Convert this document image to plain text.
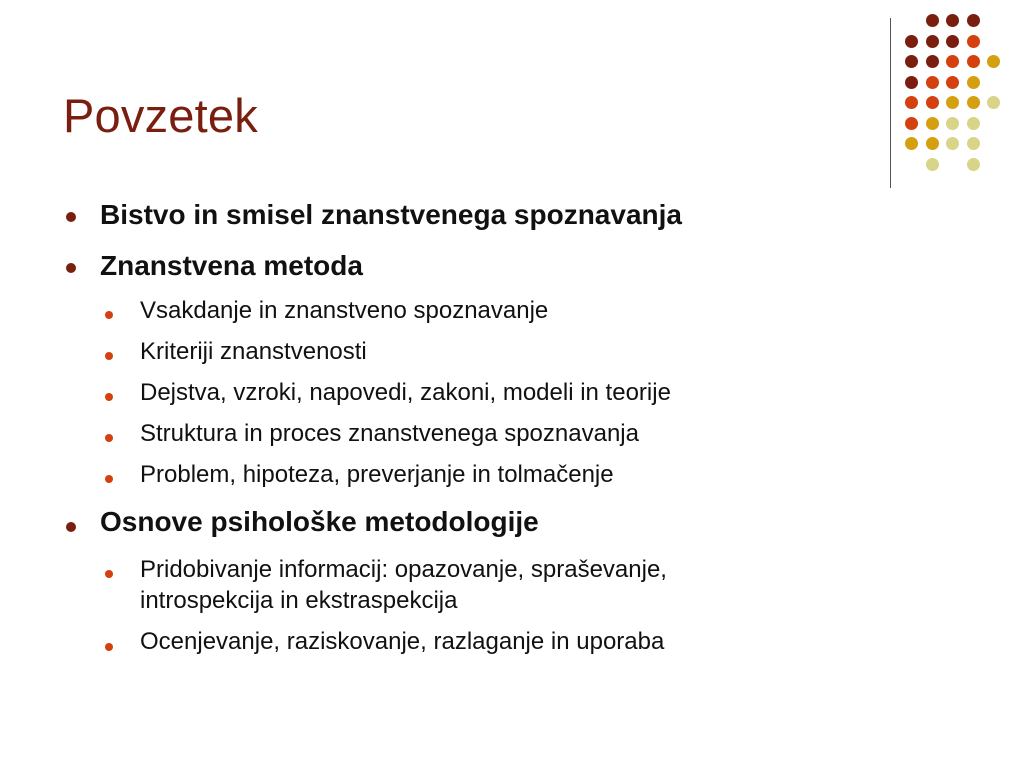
Povzetek
Bistvo in smisel znanstvenega spoznavanja
Znanstvena metoda
Vsakdanje in znanstveno spoznavanje
Kriteriji znanstvenosti
Dejstva, vzroki, napovedi, zakoni, modeli in teorije
Struktura in proces znanstvenega spoznavanja
Problem, hipoteza, preverjanje in tolmačenje
Osnove psihološke metodologije
Pridobivanje informacij: opazovanje, spraševanje,
introspekcija in ekstraspekcija
Ocenjevanje, raziskovanje, razlaganje in uporaba
